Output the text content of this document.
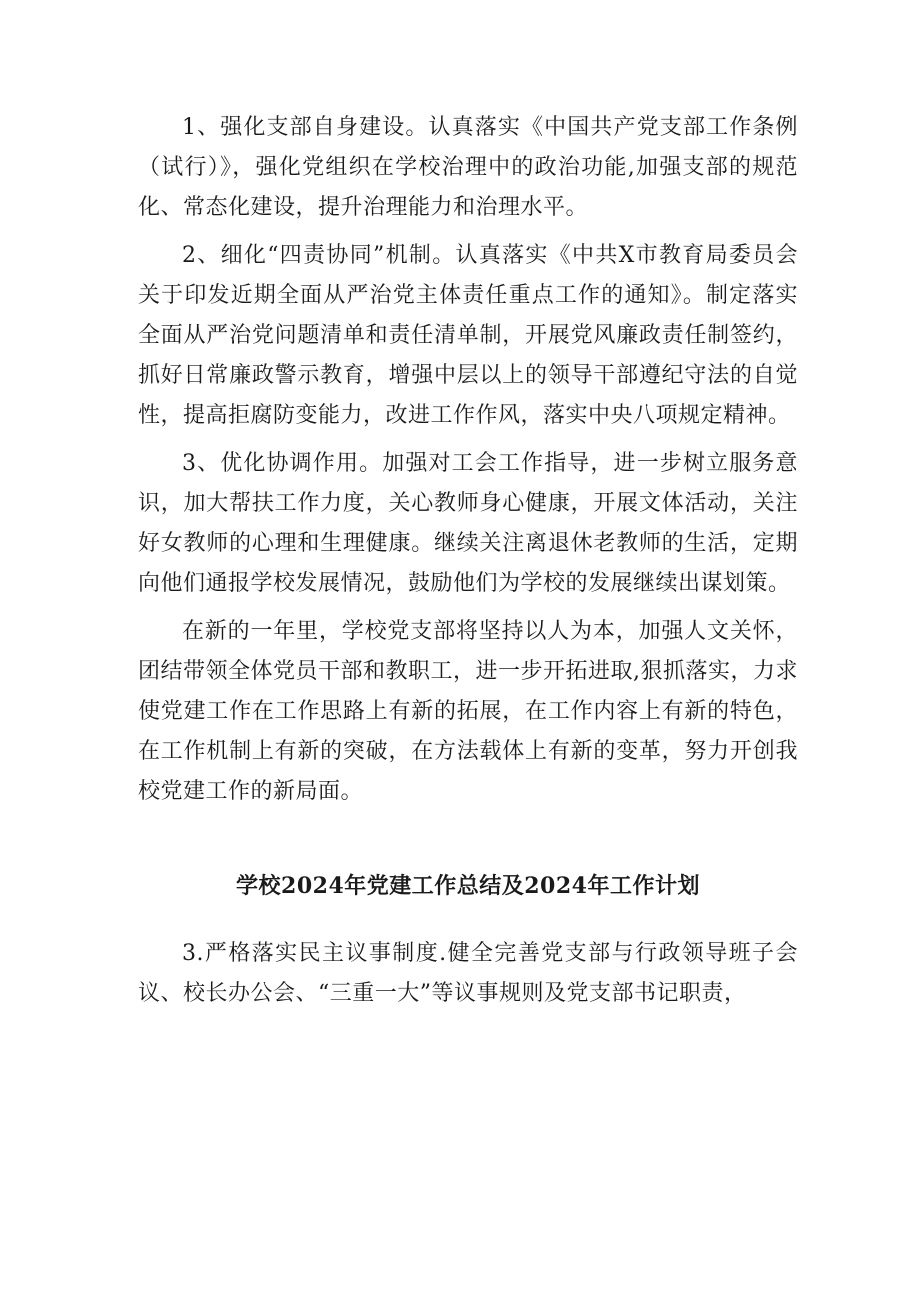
1、强化支部自身建设。认真落实《中国共产党支部工作条例（试行）》，强化党组织在学校治理中的政治功能,加强支部的规范化、常态化建设，提升治理能力和治理水平。

2、细化“四责协同”机制。认真落实《中共X市教育局委员会关于印发近期全面从严治党主体责任重点工作的通知》。制定落实全面从严治党问题清单和责任清单制，开展党风廉政责任制签约，抓好日常廉政警示教育，增强中层以上的领导干部遵纪守法的自觉性，提高拒腐防变能力，改进工作作风，落实中央八项规定精神。

3、优化协调作用。加强对工会工作指导，进一步树立服务意识，加大帮扶工作力度，关心教师身心健康，开展文体活动，关注好女教师的心理和生理健康。继续关注离退休老教师的生活，定期向他们通报学校发展情况，鼓励他们为学校的发展继续出谋划策。

在新的一年里，学校党支部将坚持以人为本，加强人文关怀，团结带领全体党员干部和教职工，进一步开拓进取,狠抓落实，力求使党建工作在工作思路上有新的拓展，在工作内容上有新的特色，在工作机制上有新的突破，在方法载体上有新的变革，努力开创我校党建工作的新局面。

学校2024年党建工作总结及2024年工作计划

3.严格落实民主议事制度.健全完善党支部与行政领导班子会议、校长办公会、“三重一大”等议事规则及党支部书记职责，
